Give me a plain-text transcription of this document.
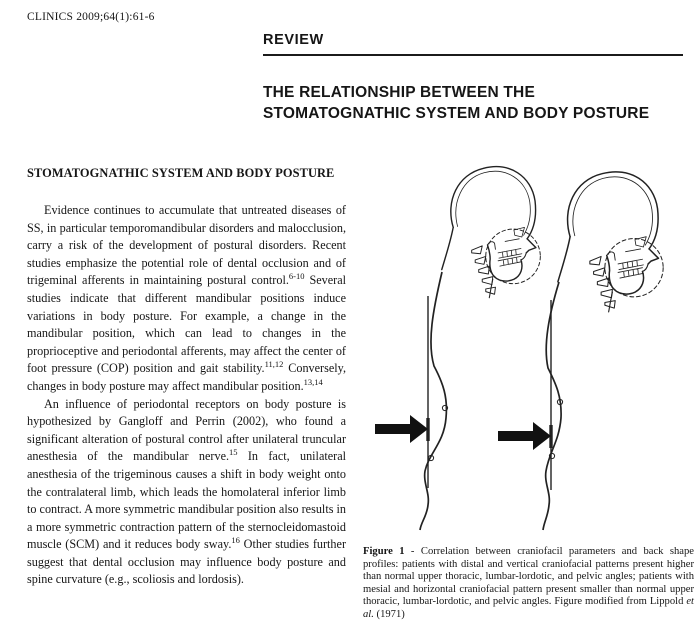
CLINICS 2009;64(1):61-6
REVIEW
THE RELATIONSHIP BETWEEN THE
STOMATOGNATHIC SYSTEM AND BODY POSTURE
STOMATOGNATHIC SYSTEM AND BODY POSTURE

Evidence continues to accumulate that untreated diseases of SS, in particular temporomandibular disorders and malocclusion, carry a risk of the development of postural disorders. Recent studies emphasize the potential role of dental occlusion and of trigeminal afferents in maintaining postural control.$^{6-10}$ Several studies indicate that different mandibular positions induce variations in body posture. For example, a change in the mandibular position, which can lead to changes in the proprioceptive and periodontal afferents, may affect the center of foot pressure (COP) position and gait stability.$^{11,12}$ Conversely, changes in body posture may affect mandibular position.$^{13,14}$

An influence of periodontal receptors on body posture is hypothesized by Gangloff and Perrin (2002), who found a significant alteration of postural control after unilateral truncular anesthesia of the mandibular nerve.$^{15}$ In fact, unilateral anesthesia of the trigeminous causes a shift in body weight onto the contralateral limb, which leads the homolateral inferior limb to contract. A more symmetric mandibular position also results in a more symmetric contraction pattern of the sternocleidomastoid muscle (SCM) and it reduces body sway.$^{16}$ Other studies further suggest that dental occlusion may influence body posture and spine curvature (e.g., scoliosis and lordosis).

Figure 1 - Correlation between craniofacil parameters and back shape profiles: patients with distal and vertical craniofacial patterns present higher than normal upper thoracic, lumbar-lordotic, and pelvic angles; patients with mesial and horizontal craniofacial pattern present smaller than normal upper thoracic, lumbar-lordotic, and pelvic angles. Figure modified from Lippold et al. (1971)
